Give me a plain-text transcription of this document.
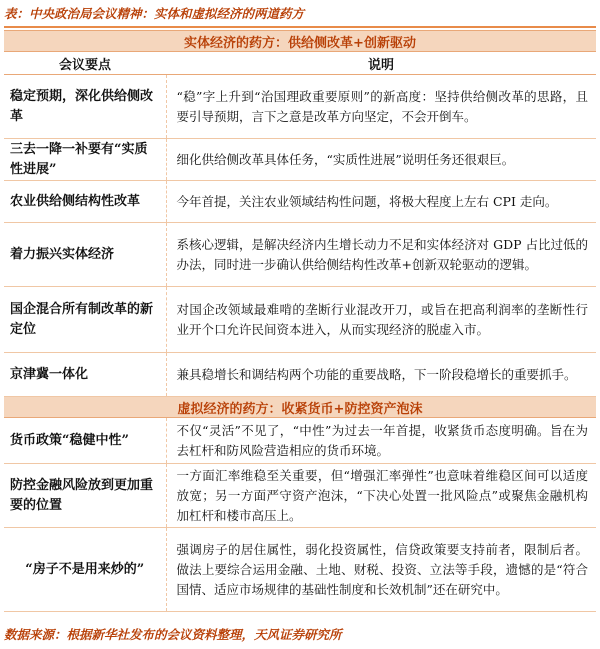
表：中央政治局会议精神：实体和虚拟经济的两道药方
实体经济的药方：供给侧改革+创新驱动	
会议要点	说明
稳定预期，深化供给侧改革	“稳”字上升到“治国理政重要原则”的新高度：坚持供给侧改革的思路，且要引导预期，言下之意是改革方向坚定，不会开倒车。
三去一降一补要有“实质性进展”	细化供给侧改革具体任务，“实质性进展”说明任务还很艰巨。
农业供给侧结构性改革	今年首提，关注农业领域结构性问题，将极大程度上左右 CPI 走向。
着力振兴实体经济	系核心逻辑，是解决经济内生增长动力不足和实体经济对 GDP 占比过低的办法，同时进一步确认供给侧结构性改革+创新双轮驱动的逻辑。
国企混合所有制改革的新定位	对国企改领域最难啃的垄断行业混改开刀，或旨在把高利润率的垄断性行业开个口允许民间资本进入，从而实现经济的脱虚入市。
京津冀一体化	兼具稳增长和调结构两个功能的重要战略，下一阶段稳增长的重要抓手。
虚拟经济的药方：收紧货币+防控资产泡沫	
货币政策“稳健中性”	不仅“灵活”不见了，“中性”为过去一年首提，收紧货币态度明确。旨在为去杠杆和防风险营造相应的货币环境。
防控金融风险放到更加重要的位置	一方面汇率维稳至关重要，但“增强汇率弹性”也意味着维稳区间可以适度放宽；另一方面严守资产泡沫，“下决心处置一批风险点”或聚焦金融机构加杠杆和楼市高压上。
“房子不是用来炒的”	强调房子的居住属性，弱化投资属性，信贷政策要支持前者，限制后者。做法上要综合运用金融、土地、财税、投资、立法等手段，遗憾的是“符合国情、适应市场规律的基础性制度和长效机制”还在研究中。
数据来源：根据新华社发布的会议资料整理，天风证券研究所
